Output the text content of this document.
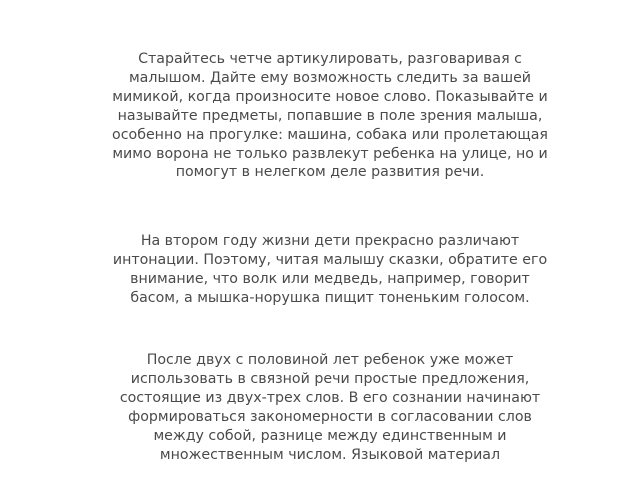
Старайтесь четче артикулировать, разговаривая с малышом. Дайте ему возможность следить за вашей мимикой, когда произносите новое слово. Показывайте и называйте предметы, попавшие в поле зрения малыша, особенно на прогулке: машина, собака или пролетающая мимо ворона не только развлекут ребенка на улице, но и помогут в нелегком деле развития речи.

На втором году жизни дети прекрасно различают интонации. Поэтому, читая малышу сказки, обратите его внимание, что волк или медведь, например, говорит басом, а мышка-норушка пищит тоненьким голосом.

После двух с половиной лет ребенок уже может использовать в связной речи простые предложения, состоящие из двух-трех слов. В его сознании начинают формироваться закономерности в согласовании слов между собой, разнице между единственным и множественным числом. Языковой материал
